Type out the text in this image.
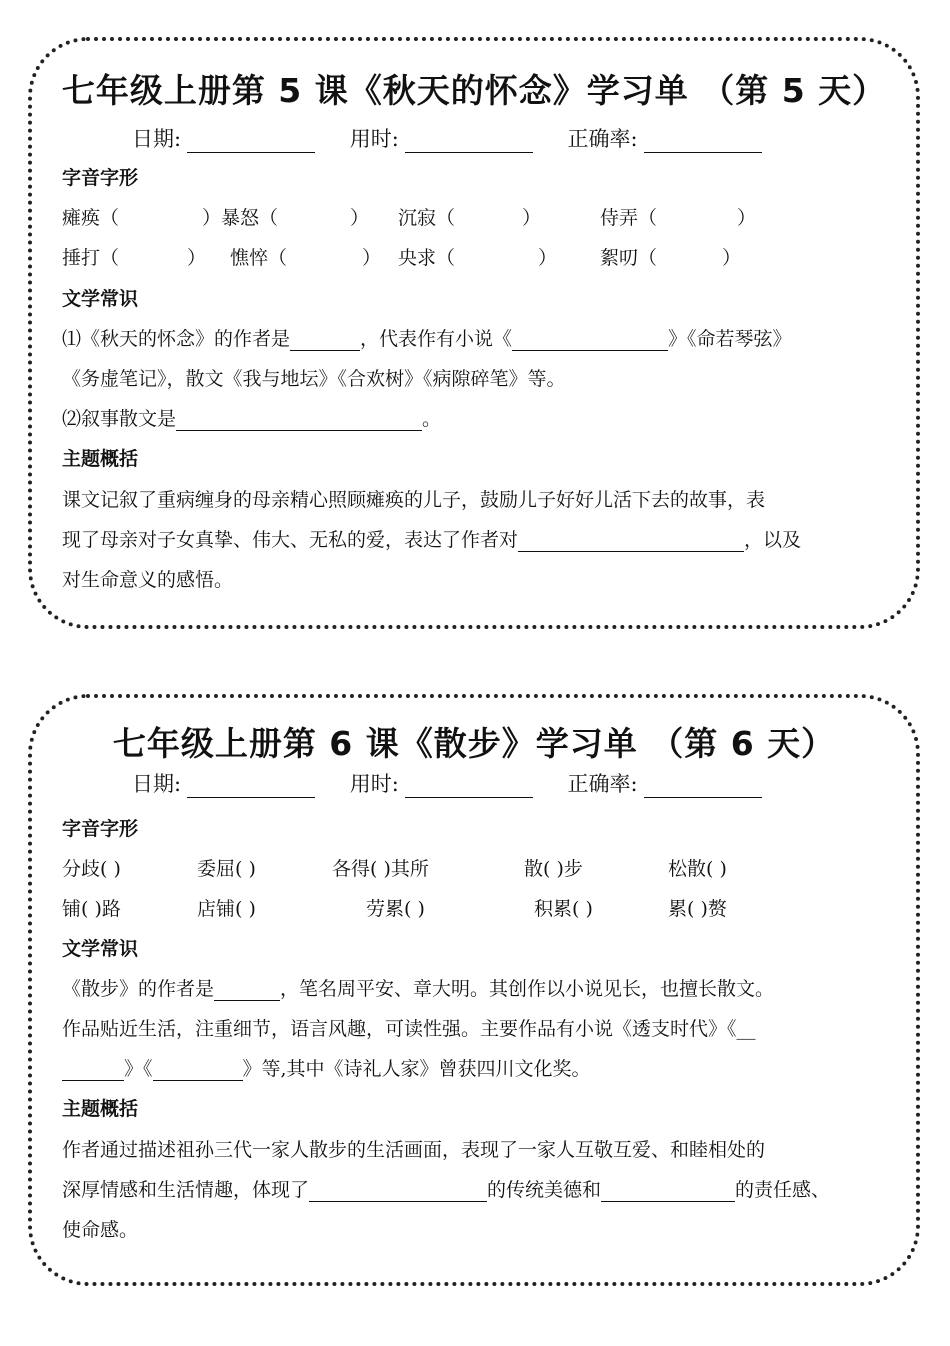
七年级上册第 5 课《秋天的怀念》学习单 （第 5 天）
日期:	用时:	正确率:
字音字形
瘫痪（	）暴怒（	） 沉寂（	）	侍弄（	）
捶打（	） 憔悴（	） 央求（	） 絮叨（	）
文学常识
⑴《秋天的怀念》的作者是	，代表作有小说《	》《命若琴弦》
《务虚笔记》，散文《我与地坛》《合欢树》《病隙碎笔》等。
⑵叙事散文是	。
主题概括
课文记叙了重病缠身的母亲精心照顾瘫痪的儿子，鼓励儿子好好儿活下去的故事，表
现了母亲对子女真挚、伟大、无私的爱，表达了作者对	，以及
对生命意义的感悟。
七年级上册第 6 课《散步》学习单 （第 6 天）
日期:	用时:	正确率:
字音字形
分歧( )	委屈( )	各得( )其所	散( )步	松散( )
铺( )路	店铺( )	劳累( )	积累( )	累( )赘
文学常识
《散步》的作者是	，笔名周平安、章大明。其创作以小说见长，也擅长散文。
作品贴近生活，注重细节，语言风趣，可读性强。主要作品有小说《透支时代》《__
》《	》等,其中《诗礼人家》曾获四川文化奖。
主题概括
作者通过描述祖孙三代一家人散步的生活画面，表现了一家人互敬互爱、和睦相处的
深厚情感和生活情趣，体现了	的传统美德和	的责任感、
使命感。
